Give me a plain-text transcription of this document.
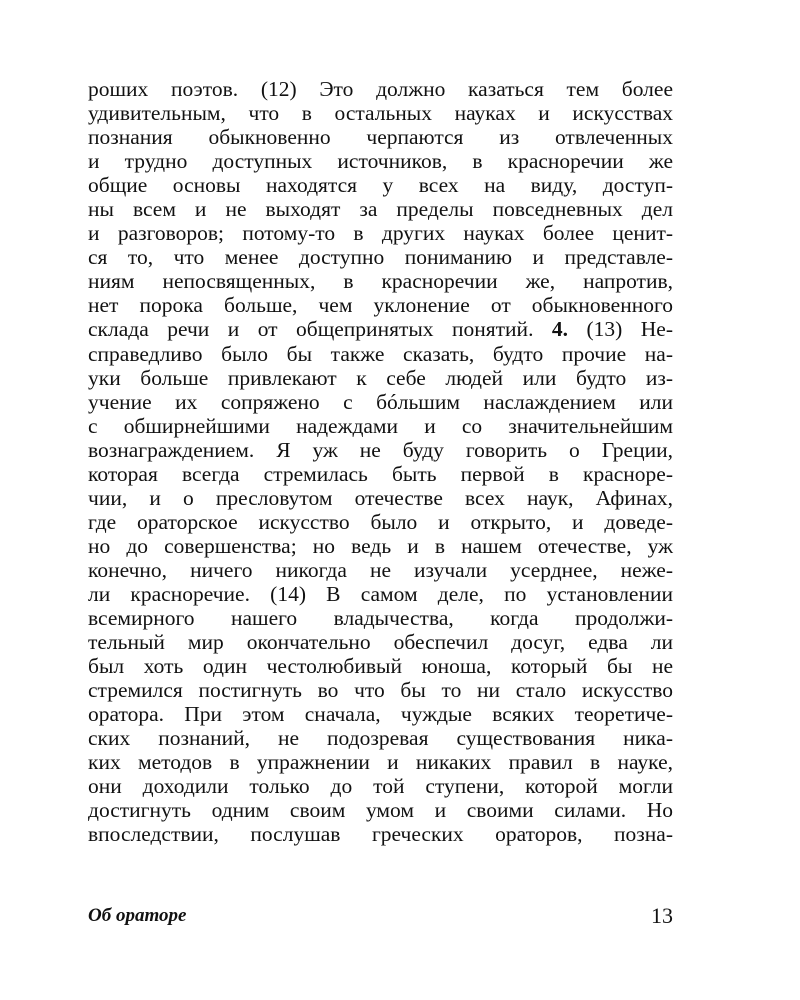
рoших поэтов. (12) Это должно казаться тем более
удивительным, что в остальных науках и искусствах
познания обыкновенно черпаются из отвлеченных
и трудно доступных источников, в красноречии же
общие основы находятся у всех на виду, доступ-
ны всем и не выходят за пределы повседневных дел
и разговоров; потому-то в других науках более ценит-
ся то, что менее доступно пониманию и представле-
ниям непосвященных, в красноречии же, напротив,
нет порока больше, чем уклонение от обыкновенного
склада речи и от общепринятых понятий. 4. (13) Не-
справедливо было бы также сказать, будто прочие на-
уки больше привлекают к себе людей или будто из-
учение их сопряжено с бóльшим наслаждением или
с обширнейшими надеждами и со значительнейшим
вознаграждением. Я уж не буду говорить о Греции,
которая всегда стремилась быть первой в красноре-
чии, и о пресловутом отечестве всех наук, Афинах,
где ораторское искусство было и открыто, и доведе-
но до совершенства; но ведь и в нашем отечестве, уж
конечно, ничего никогда не изучали усерднее, неже-
ли красноречие. (14) В самом деле, по установлении
всемирного нашего владычества, когда продолжи-
тельный мир окончательно обеспечил досуг, едва ли
был хоть один честолюбивый юноша, который бы не
стремился постигнуть во что бы то ни стало искусство
оратора. При этом сначала, чуждые всяких теоретиче-
ских познаний, не подозревая существования ника-
ких методов в упражнении и никаких правил в науке,
они доходили только до той ступени, которой могли
достигнуть одним своим умом и своими силами. Но
впоследствии, послушав греческих ораторов, позна-
Об ораторе	13
